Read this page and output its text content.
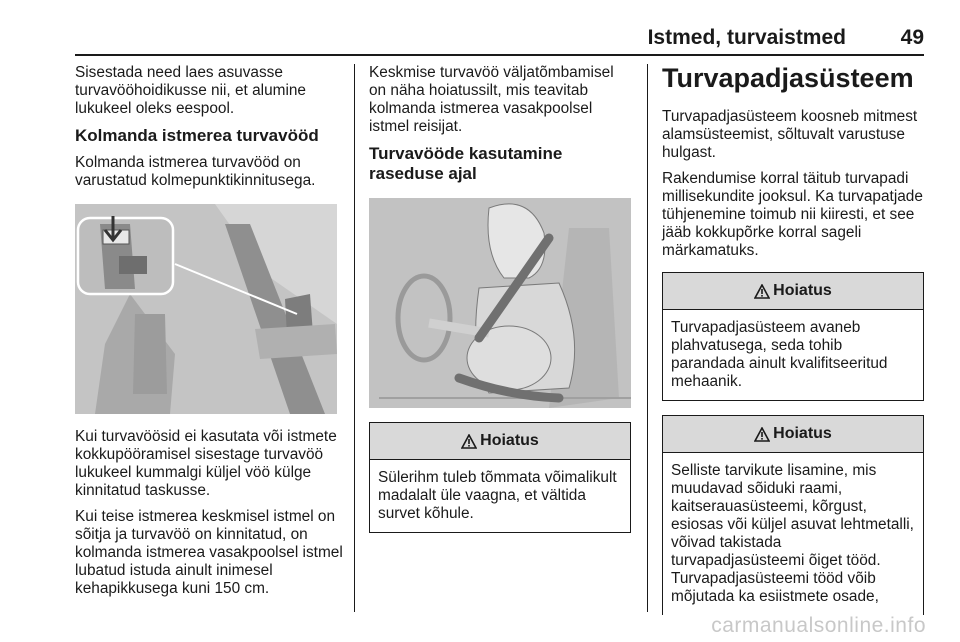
Istmed, turvaistmed	49

Sisestada need laes asuvasse turvavööhoidikusse nii, et alumine lukukeel oleks eespool.

Kolmanda istmerea turvavööd

Kolmanda istmerea turvavööd on varustatud kolmepunktikinnitusega.

Kui turvavöösid ei kasutata või istmete kokkupööramisel sisestage turvavöö lukukeel kummalgi küljel vöö külge kinnitatud taskusse.

Kui teise istmerea keskmisel istmel on sõitja ja turvavöö on kinnitatud, on kolmanda istmerea vasakpoolsel istmel lubatud istuda ainult inimesel kehapikkusega kuni 150 cm.

Keskmise turvavöö väljatõmbamisel on näha hoiatussilt, mis teavitab kolmanda istmerea vasakpoolsel istmel reisijat.

Turvavööde kasutamine raseduse ajal
Hoiatus

Sülerihm tuleb tõmmata võimalikult madalalt üle vaagna, et vältida survet kõhule.

Turvapadjasüsteem

Turvapadjasüsteem koosneb mitmest alamsüsteemist, sõltuvalt varustuse hulgast.

Rakendumise korral täitub turvapadi millisekundite jooksul. Ka turvapatjade tühjenemine toimub nii kiiresti, et see jääb kokkupõrke korral sageli märkamatuks.

Hoiatus

Turvapadjasüsteem avaneb plahvatusega, seda tohib parandada ainult kvalifitseeritud mehaanik.

Hoiatus

Selliste tarvikute lisamine, mis muudavad sõiduki raami, kaitserauasüsteemi, kõrgust, esiosas või küljel asuvat lehtmetalli, võivad takistada turvapadjasüsteemi õiget tööd. Turvapadjasüsteemi tööd võib mõjutada ka esiistmete osade,

carmanualsonline.info
